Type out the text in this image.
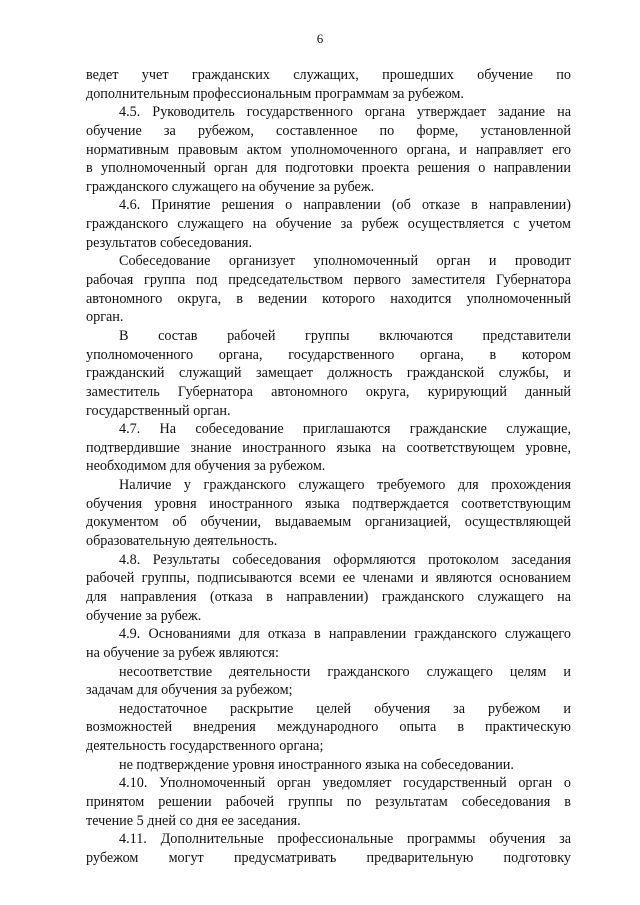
6
ведет учет гражданских служащих, прошедших обучение по
дополнительным профессиональным программам за рубежом.
4.5. Руководитель государственного органа утверждает задание на
обучение за рубежом, составленное по форме, установленной
нормативным правовым актом уполномоченного органа, и направляет его
в уполномоченный орган для подготовки проекта решения о направлении
гражданского служащего на обучение за рубеж.
4.6. Принятие решения о направлении (об отказе в направлении)
гражданского служащего на обучение за рубеж осуществляется с учетом
результатов собеседования.
Собеседование организует уполномоченный орган и проводит
рабочая группа под председательством первого заместителя Губернатора
автономного округа, в ведении которого находится уполномоченный
орган.
В состав рабочей группы включаются представители
уполномоченного органа, государственного органа, в котором
гражданский служащий замещает должность гражданской службы, и
заместитель Губернатора автономного округа, курирующий данный
государственный орган.
4.7. На собеседование приглашаются гражданские служащие,
подтвердившие знание иностранного языка на соответствующем уровне,
необходимом для обучения за рубежом.
Наличие у гражданского служащего требуемого для прохождения
обучения уровня иностранного языка подтверждается соответствующим
документом об обучении, выдаваемым организацией, осуществляющей
образовательную деятельность.
4.8. Результаты собеседования оформляются протоколом заседания
рабочей группы, подписываются всеми ее членами и являются основанием
для направления (отказа в направлении) гражданского служащего на
обучение за рубеж.
4.9. Основаниями для отказа в направлении гражданского служащего
на обучение за рубеж являются:
несоответствие деятельности гражданского служащего целям и
задачам для обучения за рубежом;
недостаточное раскрытие целей обучения за рубежом и
возможностей внедрения международного опыта в практическую
деятельность государственного органа;
не подтверждение уровня иностранного языка на собеседовании.
4.10. Уполномоченный орган уведомляет государственный орган о
принятом решении рабочей группы по результатам собеседования в
течение 5 дней со дня ее заседания.
4.11. Дополнительные профессиональные программы обучения за
рубежом могут предусматривать предварительную подготовку
